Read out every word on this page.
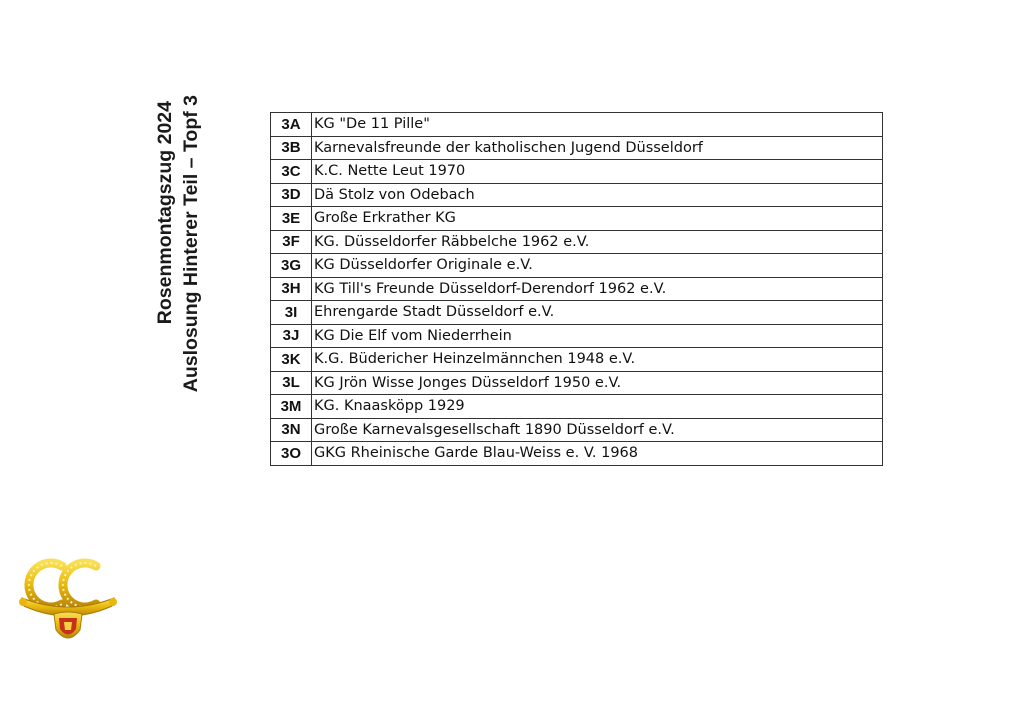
Rosenmontagszug 2024 Auslosung Hinterer Teil – Topf 3	3A	KG "De 11 Pille"
3B	Karnevalsfreunde der katholischen Jugend Düsseldorf
3C	K.C. Nette Leut 1970
3D	Dä Stolz von Odebach
3E	Große Erkrather KG
3F	KG. Düsseldorfer Räbbelche 1962 e.V.
3G	KG Düsseldorfer Originale e.V.
3H	KG Till's Freunde Düsseldorf-Derendorf 1962 e.V.
3I	Ehrengarde Stadt Düsseldorf e.V.
3J	KG Die Elf vom Niederrhein
3K	K.G. Büdericher Heinzelmännchen 1948 e.V.
3L	KG Jrön Wisse Jonges Düsseldorf 1950 e.V.
3M	KG. Knaasköpp 1929
3N	Große Karnevalsgesellschaft 1890 Düsseldorf e.V.
3O	GKG Rheinische Garde Blau-Weiss e. V. 1968
